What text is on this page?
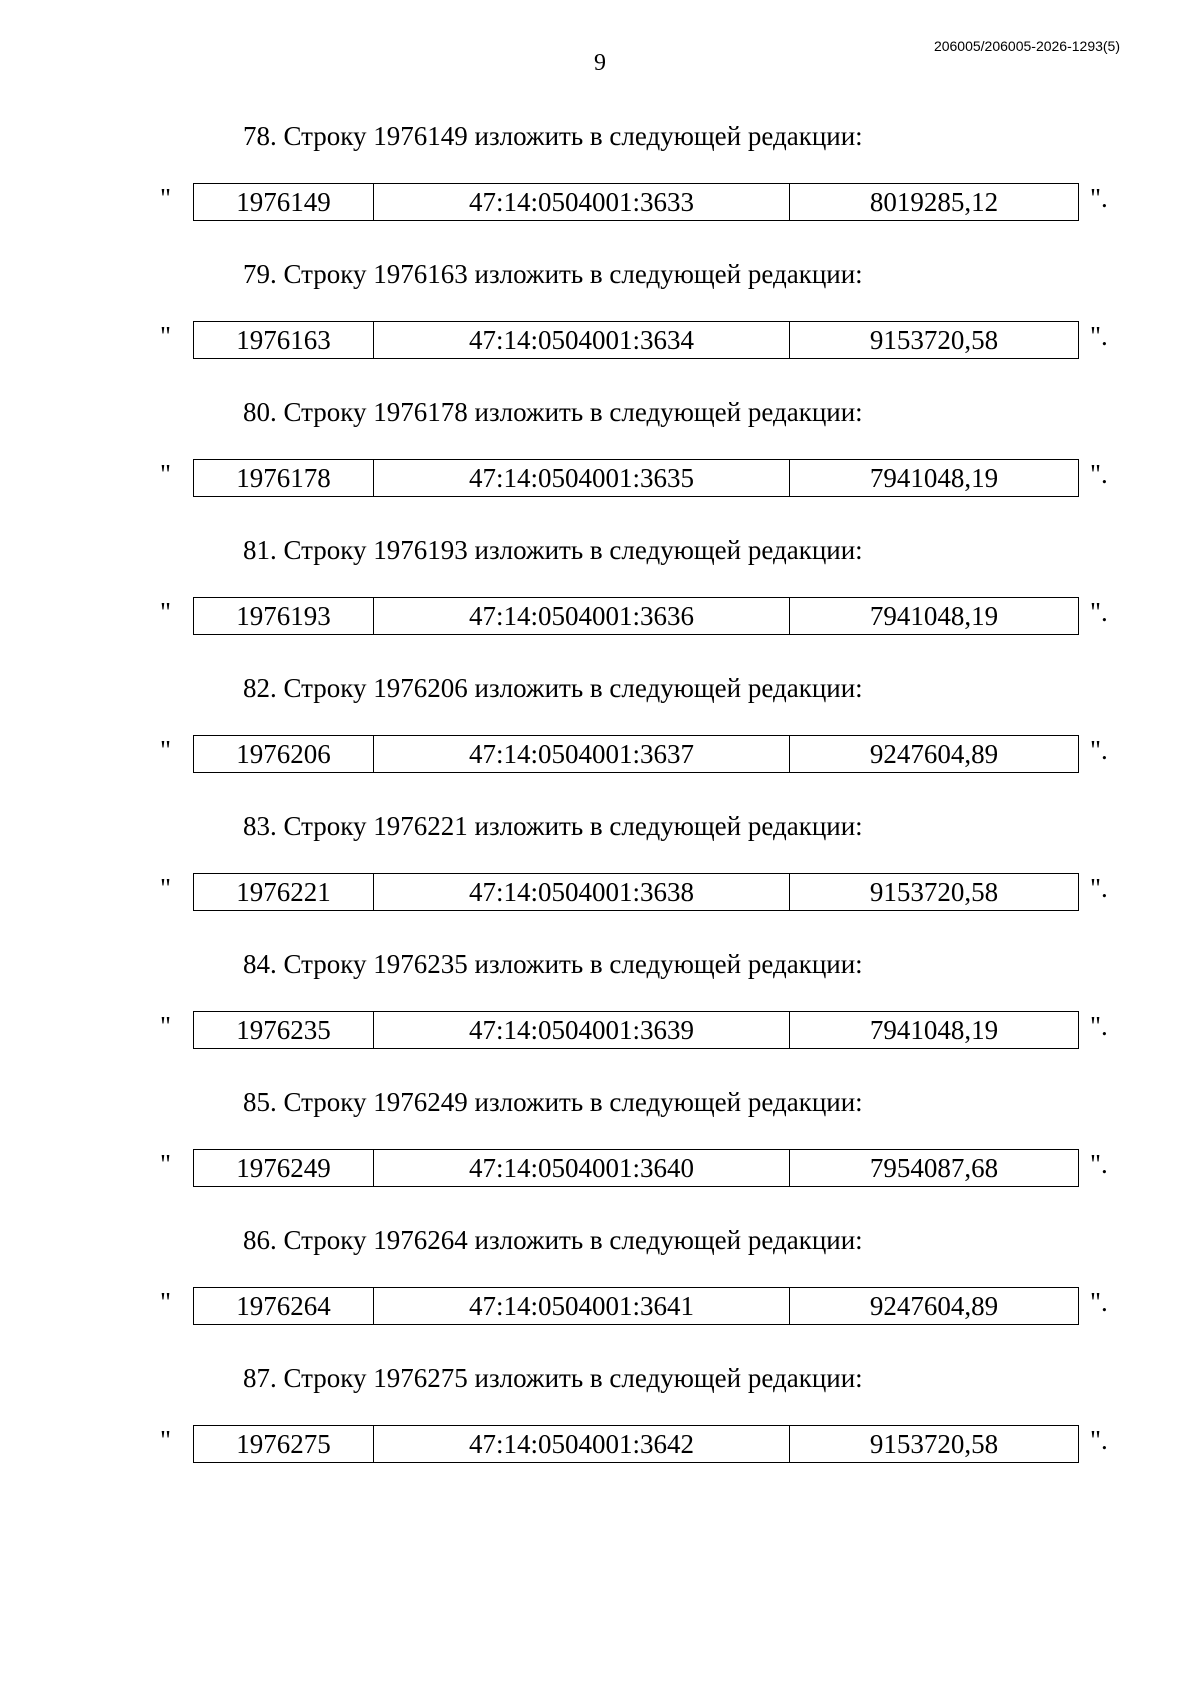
9
206005/206005-2026-1293(5)
78. Строку 1976149 изложить в следующей редакции:
"	1976149	47:14:0504001:3633	8019285,12	".
79. Строку 1976163 изложить в следующей редакции:
"	1976163	47:14:0504001:3634	9153720,58	".
80. Строку 1976178 изложить в следующей редакции:
"	1976178	47:14:0504001:3635	7941048,19	".
81. Строку 1976193 изложить в следующей редакции:
"	1976193	47:14:0504001:3636	7941048,19	".
82. Строку 1976206 изложить в следующей редакции:
"	1976206	47:14:0504001:3637	9247604,89	".
83. Строку 1976221 изложить в следующей редакции:
"	1976221	47:14:0504001:3638	9153720,58	".
84. Строку 1976235 изложить в следующей редакции:
"	1976235	47:14:0504001:3639	7941048,19	".
85. Строку 1976249 изложить в следующей редакции:
"	1976249	47:14:0504001:3640	7954087,68	".
86. Строку 1976264 изложить в следующей редакции:
"	1976264	47:14:0504001:3641	9247604,89	".
87. Строку 1976275 изложить в следующей редакции:
"	1976275	47:14:0504001:3642	9153720,58	".
